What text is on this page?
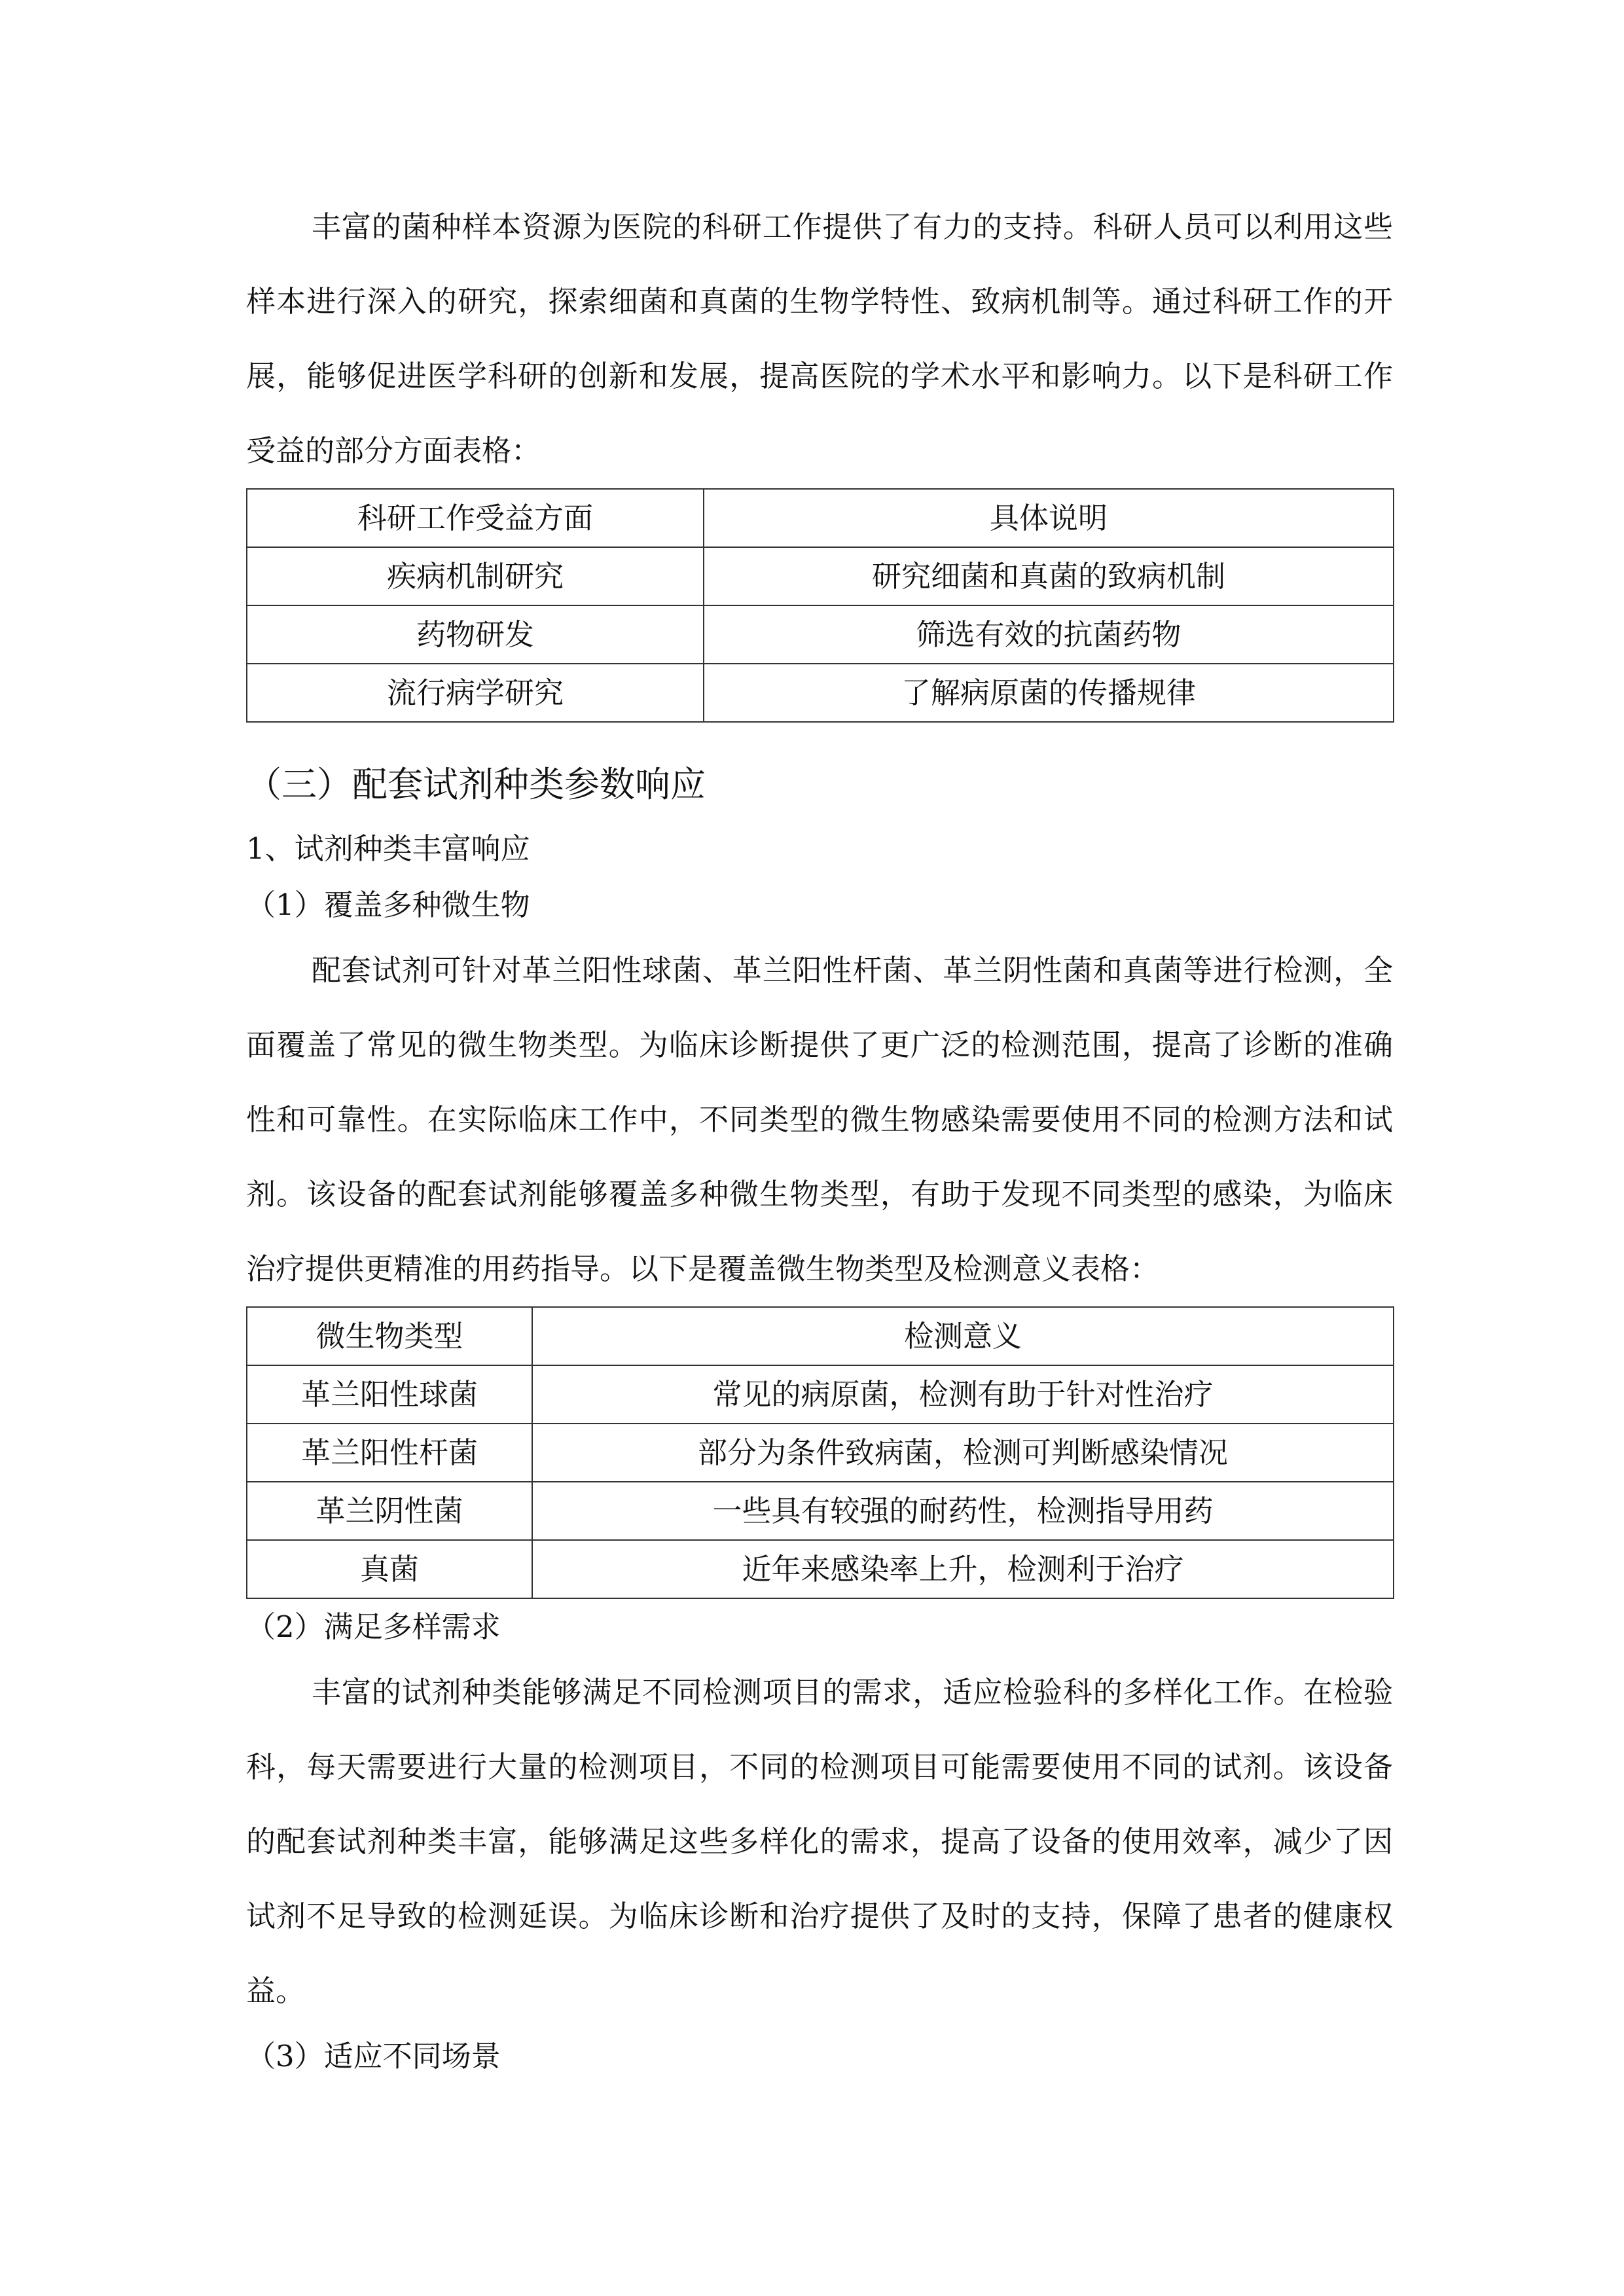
丰富的菌种样本资源为医院的科研工作提供了有力的支持。科研人员可以利用这些样本进行深入的研究，探索细菌和真菌的生物学特性、致病机制等。通过科研工作的开展，能够促进医学科研的创新和发展，提高医院的学术水平和影响力。以下是科研工作受益的部分方面表格：

科研工作受益方面	具体说明
疾病机制研究	研究细菌和真菌的致病机制
药物研发	筛选有效的抗菌药物
流行病学研究	了解病原菌的传播规律
（三）配套试剂种类参数响应
1、试剂种类丰富响应
（1）覆盖多种微生物

配套试剂可针对革兰阳性球菌、革兰阳性杆菌、革兰阴性菌和真菌等进行检测，全面覆盖了常见的微生物类型。为临床诊断提供了更广泛的检测范围，提高了诊断的准确性和可靠性。在实际临床工作中，不同类型的微生物感染需要使用不同的检测方法和试剂。该设备的配套试剂能够覆盖多种微生物类型，有助于发现不同类型的感染，为临床治疗提供更精准的用药指导。以下是覆盖微生物类型及检测意义表格：

微生物类型	检测意义
革兰阳性球菌	常见的病原菌，检测有助于针对性治疗
革兰阳性杆菌	部分为条件致病菌，检测可判断感染情况
革兰阴性菌	一些具有较强的耐药性，检测指导用药
真菌	近年来感染率上升，检测利于治疗
（2）满足多样需求

丰富的试剂种类能够满足不同检测项目的需求，适应检验科的多样化工作。在检验科，每天需要进行大量的检测项目，不同的检测项目可能需要使用不同的试剂。该设备的配套试剂种类丰富，能够满足这些多样化的需求，提高了设备的使用效率，减少了因试剂不足导致的检测延误。为临床诊断和治疗提供了及时的支持，保障了患者的健康权益。

（3）适应不同场景
